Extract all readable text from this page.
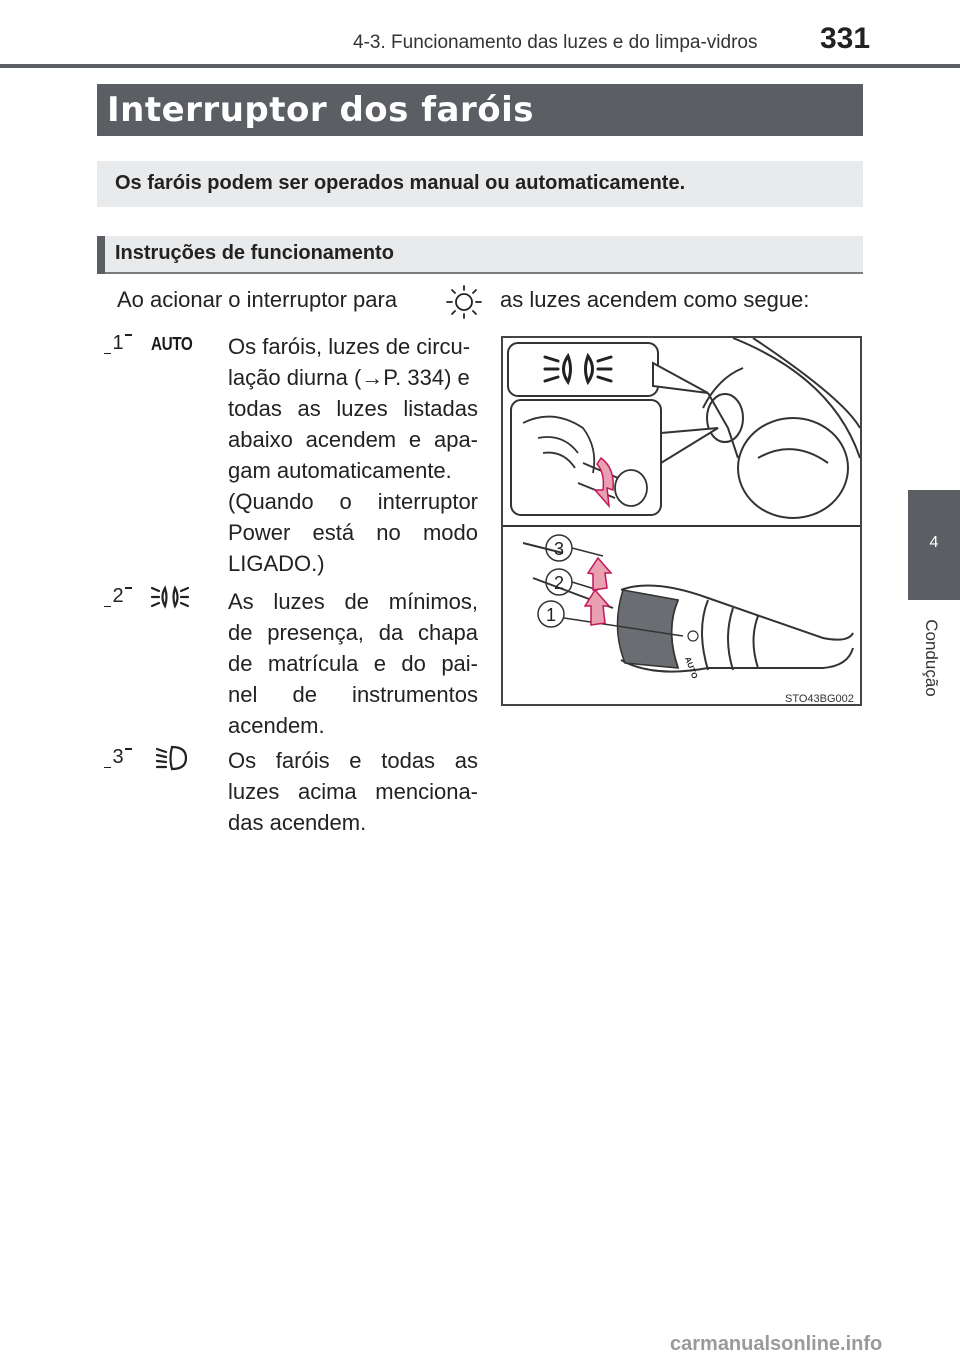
4-3. Funcionamento das luzes e do limpa-vidros 331
4
Condução
Interruptor dos faróis

Os faróis podem ser operados manual ou automaticamente.

Instruções de funcionamento

Ao acionar o interruptor para	as luzes acendem como segue:
1	AUTO Os faróis, luzes de circu-
lação diurna (→P. 334) e
todas as luzes listadas
abaixo acendem e apa-
gam automaticamente.
(Quando o interruptor
Power está no modo
LIGADO.)
2	As luzes de mínimos,
de presença, da chapa
de matrícula e do pai-
nel de instrumentos
acendem.
3	Os faróis e todas as
luzes acima menciona-
das acendem.
3
2
1
AUTO
STO43BG002
carmanualsonline.info
